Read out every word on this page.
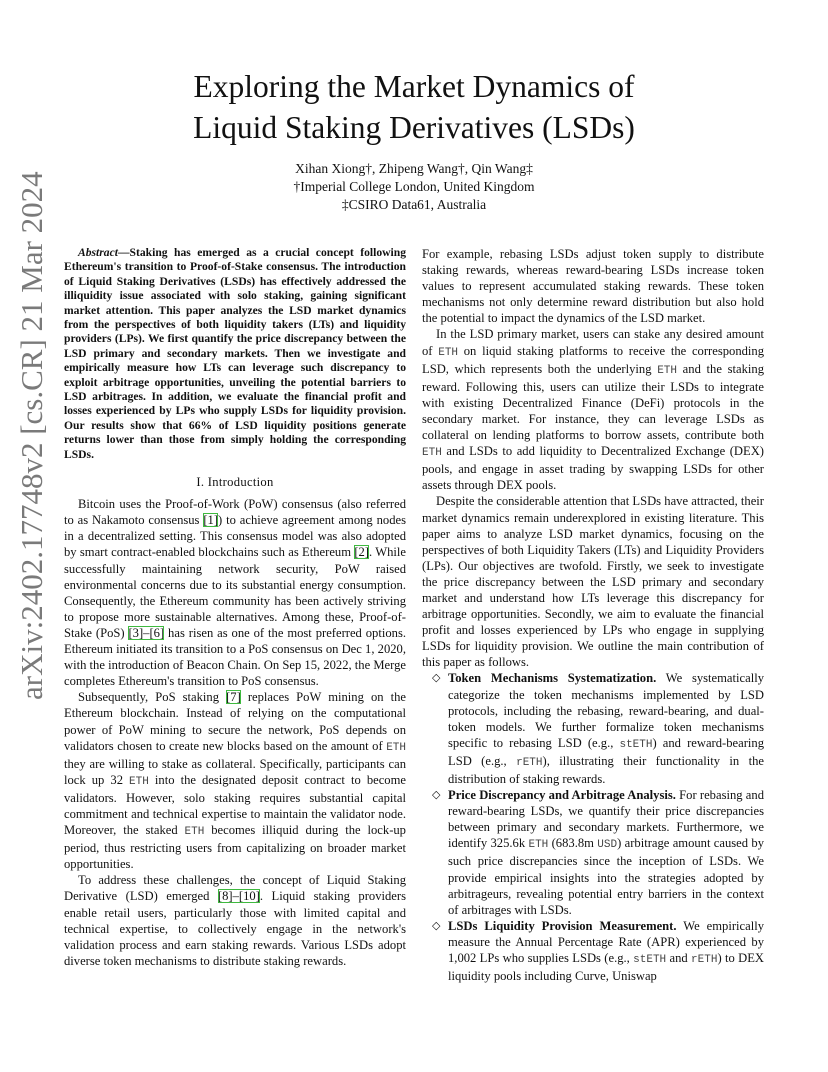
arXiv:2402.17748v2 [cs.CR] 21 Mar 2024
Exploring the Market Dynamics of
Liquid Staking Derivatives (LSDs)
Xihan Xiong†, Zhipeng Wang†, Qin Wang‡
†Imperial College London, United Kingdom
‡CSIRO Data61, Australia

Abstract—Staking has emerged as a crucial concept following Ethereum's transition to Proof-of-Stake consensus. The introduction of Liquid Staking Derivatives (LSDs) has effectively addressed the illiquidity issue associated with solo staking, gaining significant market attention. This paper analyzes the LSD market dynamics from the perspectives of both liquidity takers (LTs) and liquidity providers (LPs). We first quantify the price discrepancy between the LSD primary and secondary markets. Then we investigate and empirically measure how LTs can leverage such discrepancy to exploit arbitrage opportunities, unveiling the potential barriers to LSD arbitrages. In addition, we evaluate the financial profit and losses experienced by LPs who supply LSDs for liquidity provision. Our results show that 66% of LSD liquidity positions generate returns lower than those from simply holding the corresponding LSDs.

I. Introduction

Bitcoin uses the Proof-of-Work (PoW) consensus (also referred to as Nakamoto consensus [1]) to achieve agreement among nodes in a decentralized setting. This consensus model was also adopted by smart contract-enabled blockchains such as Ethereum [2]. While successfully maintaining network security, PoW raised environmental concerns due to its substantial energy consumption. Consequently, the Ethereum community has been actively striving to propose more sustainable alternatives. Among these, Proof-of-Stake (PoS) [3]–[6] has risen as one of the most preferred options. Ethereum initiated its transition to a PoS consensus on Dec 1, 2020, with the introduction of Beacon Chain. On Sep 15, 2022, the Merge completes Ethereum's transition to PoS consensus.

Subsequently, PoS staking [7] replaces PoW mining on the Ethereum blockchain. Instead of relying on the computational power of PoW mining to secure the network, PoS depends on validators chosen to create new blocks based on the amount of ETH they are willing to stake as collateral. Specifically, participants can lock up 32 ETH into the designated deposit contract to become validators. However, solo staking requires substantial capital commitment and technical expertise to maintain the validator node. Moreover, the staked ETH becomes illiquid during the lock-up period, thus restricting users from capitalizing on broader market opportunities.

To address these challenges, the concept of Liquid Staking Derivative (LSD) emerged [8]–[10]. Liquid staking providers enable retail users, particularly those with limited capital and technical expertise, to collectively engage in the network's validation process and earn staking rewards. Various LSDs adopt diverse token mechanisms to distribute staking rewards.

For example, rebasing LSDs adjust token supply to distribute staking rewards, whereas reward-bearing LSDs increase token values to represent accumulated staking rewards. These token mechanisms not only determine reward distribution but also hold the potential to impact the dynamics of the LSD market.

In the LSD primary market, users can stake any desired amount of ETH on liquid staking platforms to receive the corresponding LSD, which represents both the underlying ETH and the staking reward. Following this, users can utilize their LSDs to integrate with existing Decentralized Finance (DeFi) protocols in the secondary market. For instance, they can leverage LSDs as collateral on lending platforms to borrow assets, contribute both ETH and LSDs to add liquidity to Decentralized Exchange (DEX) pools, and engage in asset trading by swapping LSDs for other assets through DEX pools.

Despite the considerable attention that LSDs have attracted, their market dynamics remain underexplored in existing literature. This paper aims to analyze LSD market dynamics, focusing on the perspectives of both Liquidity Takers (LTs) and Liquidity Providers (LPs). Our objectives are twofold. Firstly, we seek to investigate the price discrepancy between the LSD primary and secondary market and understand how LTs leverage this discrepancy for arbitrage opportunities. Secondly, we aim to evaluate the financial profit and losses experienced by LPs who engage in supplying LSDs for liquidity provision. We outline the main contribution of this paper as follows.

◇ Token Mechanisms Systematization. We systematically categorize the token mechanisms implemented by LSD protocols, including the rebasing, reward-bearing, and dual-token models. We further formalize token mechanisms specific to rebasing LSD (e.g., stETH) and reward-bearing LSD (e.g., rETH), illustrating their functionality in the distribution of staking rewards.
◇ Price Discrepancy and Arbitrage Analysis. For rebasing and reward-bearing LSDs, we quantify their price discrepancies between primary and secondary markets. Furthermore, we identify 325.6k ETH (683.8m USD) arbitrage amount caused by such price discrepancies since the inception of LSDs. We provide empirical insights into the strategies adopted by arbitrageurs, revealing potential entry barriers in the context of arbitrages with LSDs.
◇ LSDs Liquidity Provision Measurement. We empirically measure the Annual Percentage Rate (APR) experienced by 1,002 LPs who supplies LSDs (e.g., stETH and rETH) to DEX liquidity pools including Curve, Uniswap
